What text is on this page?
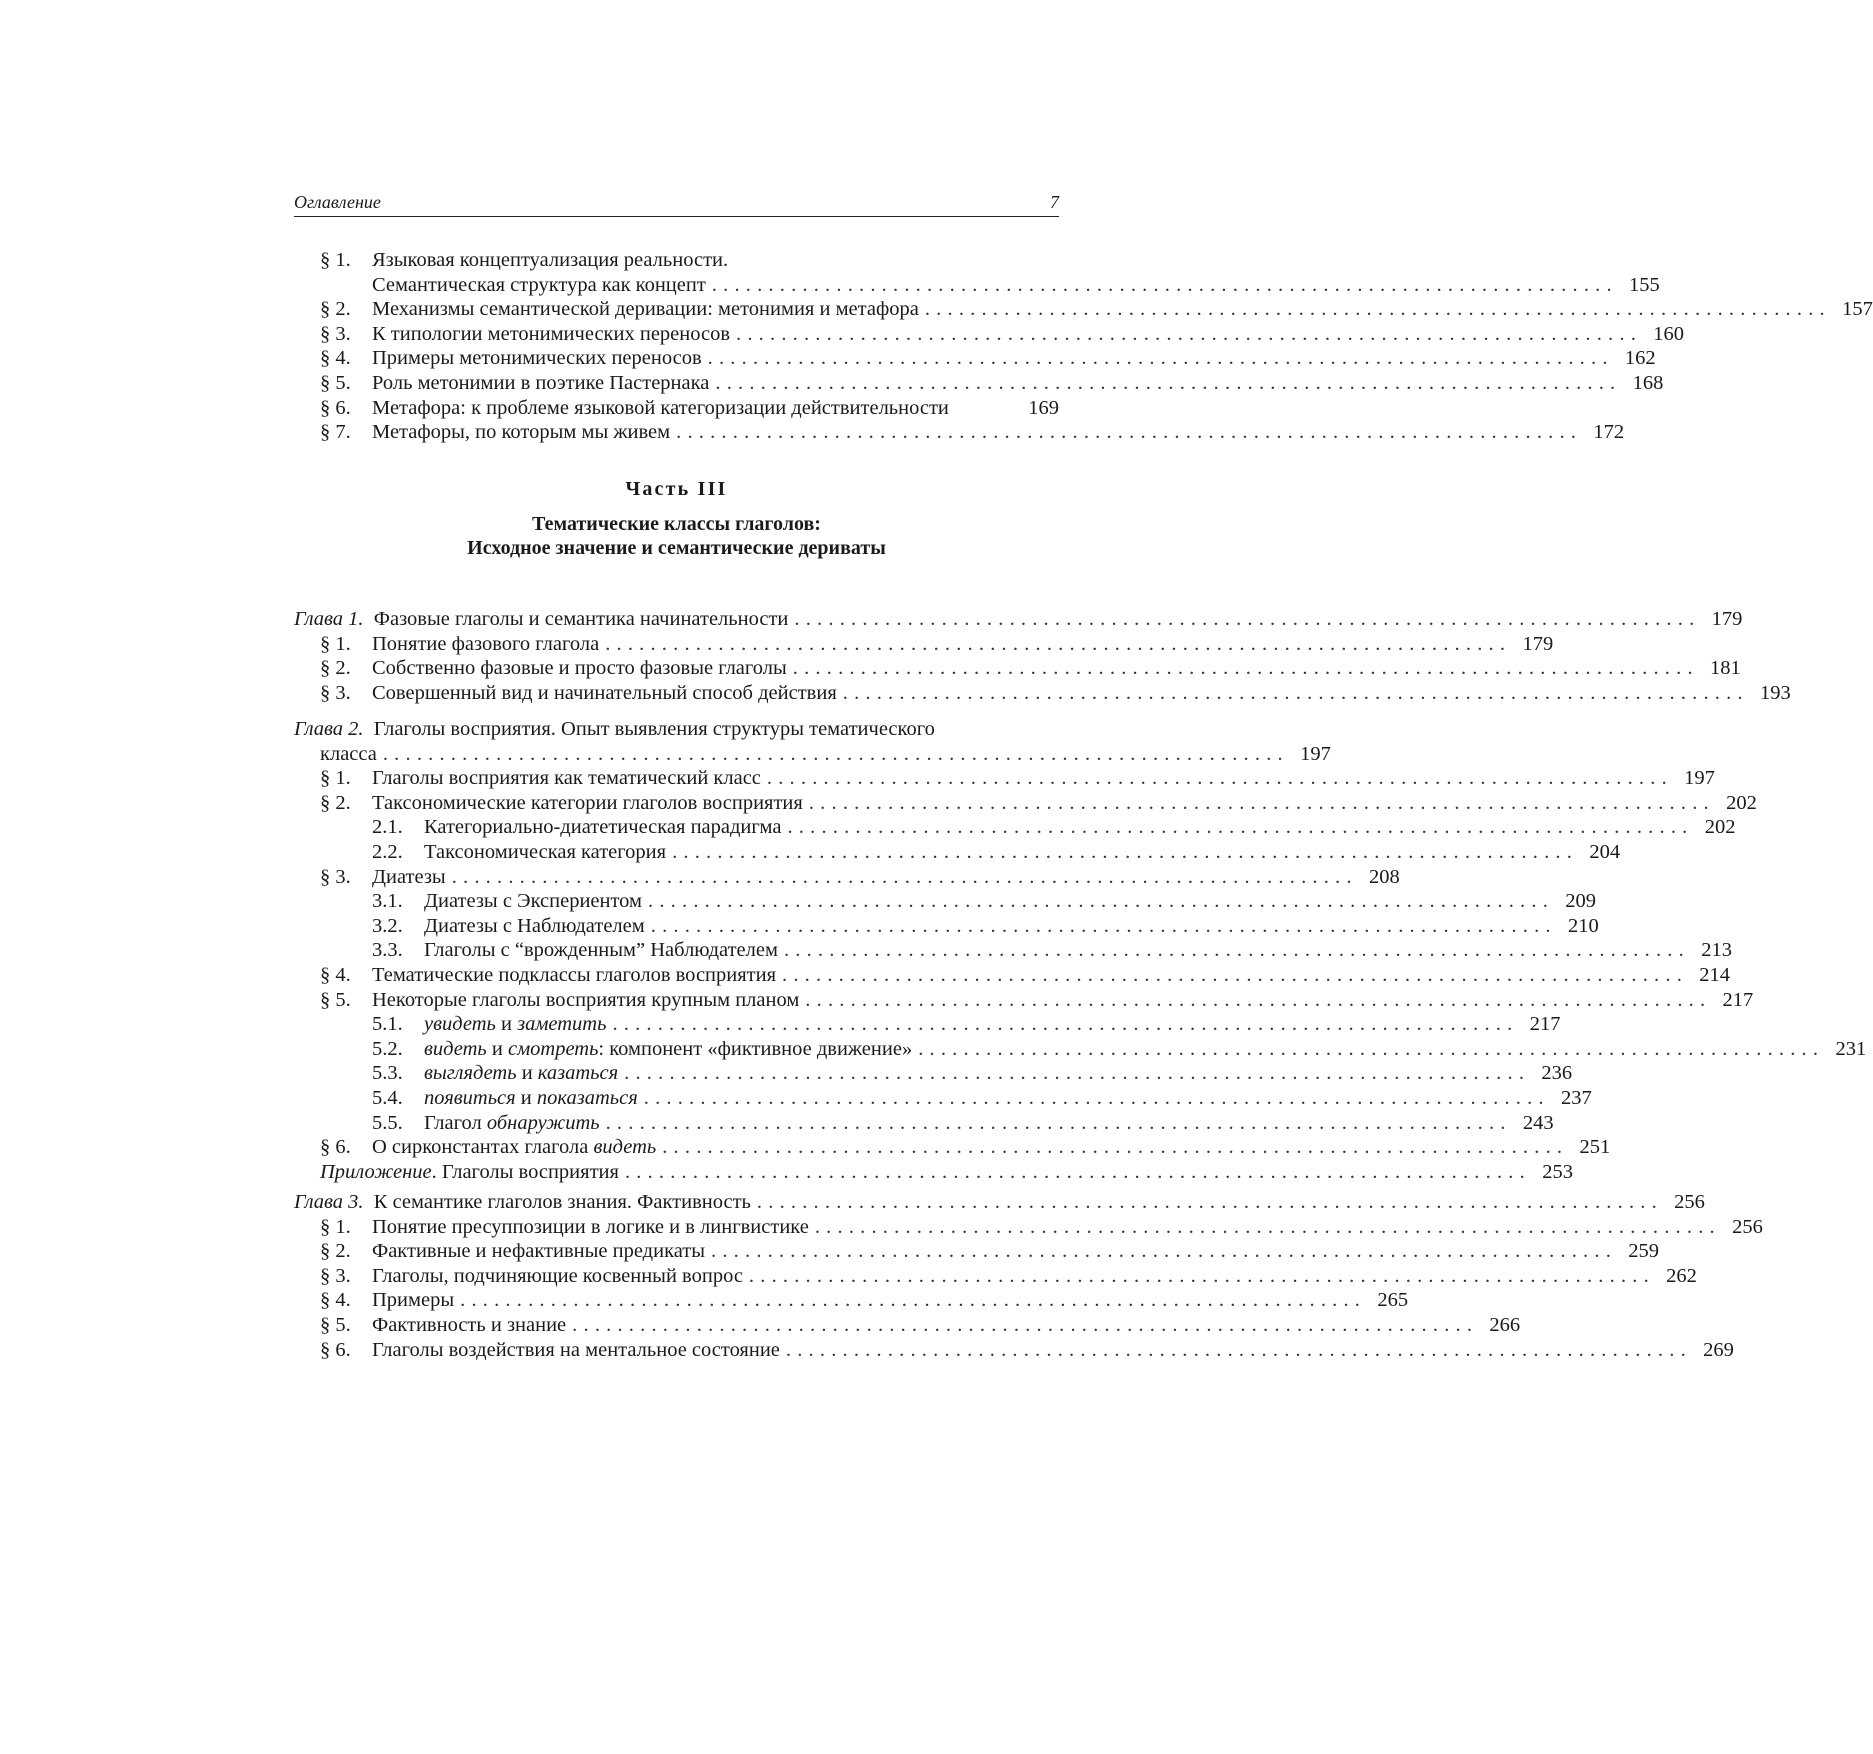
Оглавление	7
§ 1. Языковая концептуализация реальности.
Семантическая структура как концепт ................................................................................ 155
§ 2. Механизмы семантической деривации: метонимия и метафора ................................................................................ 157
§ 3. К типологии метонимических переносов ................................................................................ 160
§ 4. Примеры метонимических переносов ................................................................................ 162
§ 5. Роль метонимии в поэтике Пастернака ................................................................................ 168
§ 6. Метафора: к проблеме языковой категоризации действительности	169
§ 7. Метафоры, по которым мы живем ................................................................................ 172
Часть III
Тематические классы глаголов:
Исходное значение и семантические дериваты
Глава 1. Фазовые глаголы и семантика начинательности ................................................................................ 179
§ 1. Понятие фазового глагола ................................................................................ 179
§ 2. Собственно фазовые и просто фазовые глаголы ................................................................................ 181
§ 3. Совершенный вид и начинательный способ действия ................................................................................ 193
Глава 2. Глаголы восприятия. Опыт выявления структуры тематического
класса ................................................................................ 197
§ 1. Глаголы восприятия как тематический класс ................................................................................ 197
§ 2. Таксономические категории глаголов восприятия ................................................................................ 202
2.1. Категориально-диатетическая парадигма ................................................................................ 202
2.2. Таксономическая категория ................................................................................ 204
§ 3. Диатезы ................................................................................ 208
3.1. Диатезы с Экспериентом ................................................................................ 209
3.2. Диатезы с Наблюдателем ................................................................................ 210
3.3. Глаголы с “врожденным” Наблюдателем ................................................................................ 213
§ 4. Тематические подклассы глаголов восприятия ................................................................................ 214
§ 5. Некоторые глаголы восприятия крупным планом ................................................................................ 217
5.1. увидеть и заметить ................................................................................ 217
5.2. видеть и смотреть: компонент «фиктивное движение» ................................................................................ 231
5.3. выглядеть и казаться ................................................................................ 236
5.4. появиться и показаться ................................................................................ 237
5.5. Глагол обнаружить ................................................................................ 243
§ 6. О сирконстантах глагола видеть ................................................................................ 251
Приложение. Глаголы восприятия ................................................................................ 253
Глава 3. К семантике глаголов знания. Фактивность ................................................................................ 256
§ 1. Понятие пресуппозиции в логике и в лингвистике ................................................................................ 256
§ 2. Фактивные и нефактивные предикаты ................................................................................ 259
§ 3. Глаголы, подчиняющие косвенный вопрос ................................................................................ 262
§ 4. Примеры ................................................................................ 265
§ 5. Фактивность и знание ................................................................................ 266
§ 6. Глаголы воздействия на ментальное состояние ................................................................................ 269
